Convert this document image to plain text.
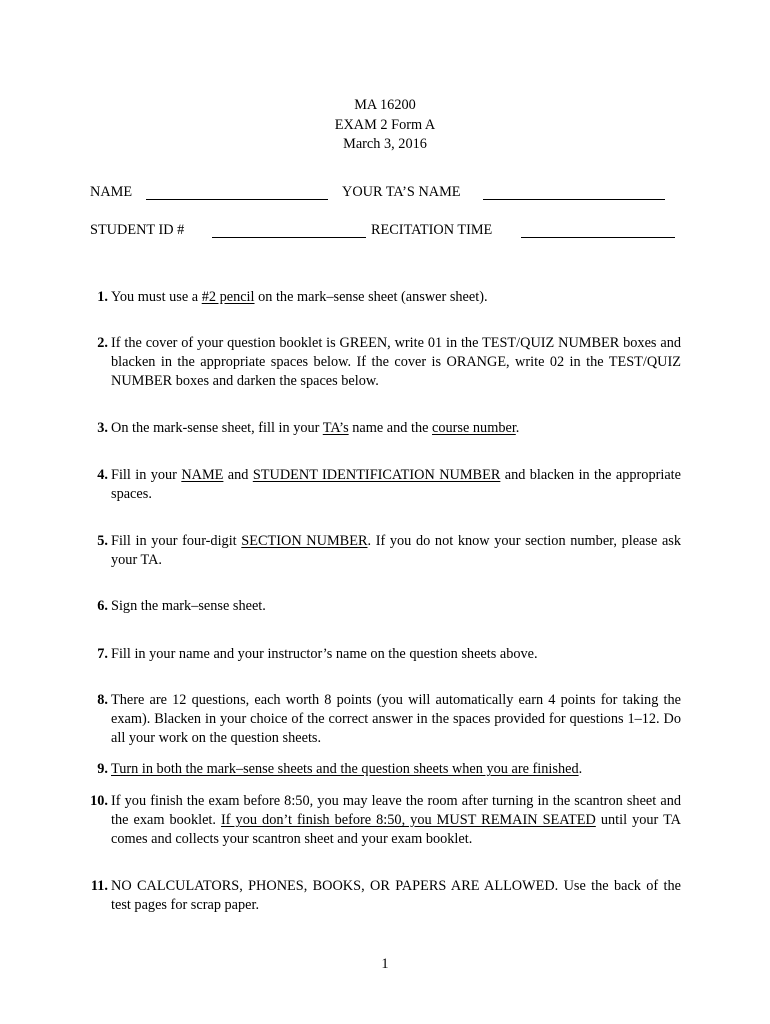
MA 16200
EXAM 2 Form A
March 3, 2016
NAME	YOUR TA’S NAME
STUDENT ID #	RECITATION TIME
1. You must use a #2 pencil on the mark–sense sheet (answer sheet).
2. If the cover of your question booklet is GREEN, write 01 in the TEST/QUIZ NUMBER boxes and blacken in the appropriate spaces below. If the cover is ORANGE, write 02 in the TEST/QUIZ NUMBER boxes and darken the spaces below.
3. On the mark-sense sheet, fill in your TA’s name and the course number.
4. Fill in your NAME and STUDENT IDENTIFICATION NUMBER and blacken in the appropriate spaces.
5. Fill in your four-digit SECTION NUMBER. If you do not know your section number, please ask your TA.
6. Sign the mark–sense sheet.
7. Fill in your name and your instructor’s name on the question sheets above.
8. There are 12 questions, each worth 8 points (you will automatically earn 4 points for taking the exam). Blacken in your choice of the correct answer in the spaces provided for questions 1–12. Do all your work on the question sheets.
9. Turn in both the mark–sense sheets and the question sheets when you are finished.
10. If you finish the exam before 8:50, you may leave the room after turning in the scantron sheet and the exam booklet. If you don’t finish before 8:50, you MUST REMAIN SEATED until your TA comes and collects your scantron sheet and your exam booklet.
11. NO CALCULATORS, PHONES, BOOKS, OR PAPERS ARE ALLOWED. Use the back of the test pages for scrap paper.
1
